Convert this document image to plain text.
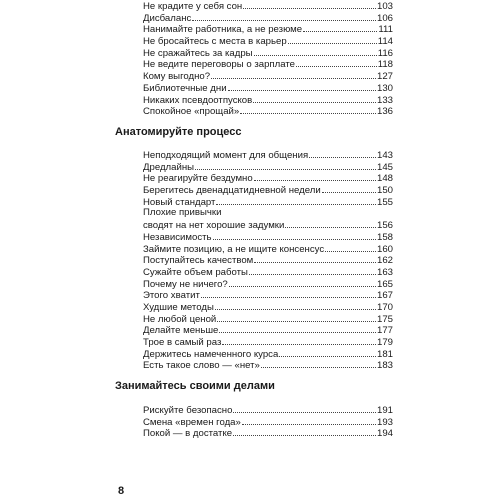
Не крадите у себя сон	103
Дисбаланс	106
Нанимайте работника, а не резюме	111
Не бросайтесь с места в карьер	114
Не сражайтесь за кадры	116
Не ведите переговоры о зарплате	118
Кому выгодно?	127
Библиотечные дни	130
Никаких псевдоотпусков	133
Спокойное «прощай»	136
Анатомируйте процесс
Неподходящий момент для общения	143
Дредлайны	145
Не реагируйте бездумно	148
Берегитесь двенадцатидневной недели	150
Новый стандарт	155
Плохие привычки
сводят на нет хорошие задумки	156
Независимость	158
Займите позицию, а не ищите консенсус	160
Поступайтесь качеством	162
Сужайте объем работы	163
Почему не ничего?	165
Этого хватит	167
Худшие методы	170
Не любой ценой	175
Делайте меньше	177
Трое в самый раз	179
Держитесь намеченного курса	181
Есть такое слово — «нет»	183
Занимайтесь своими делами
Рискуйте безопасно	191
Смена «времен года»	193
Покой — в достатке	194
8
